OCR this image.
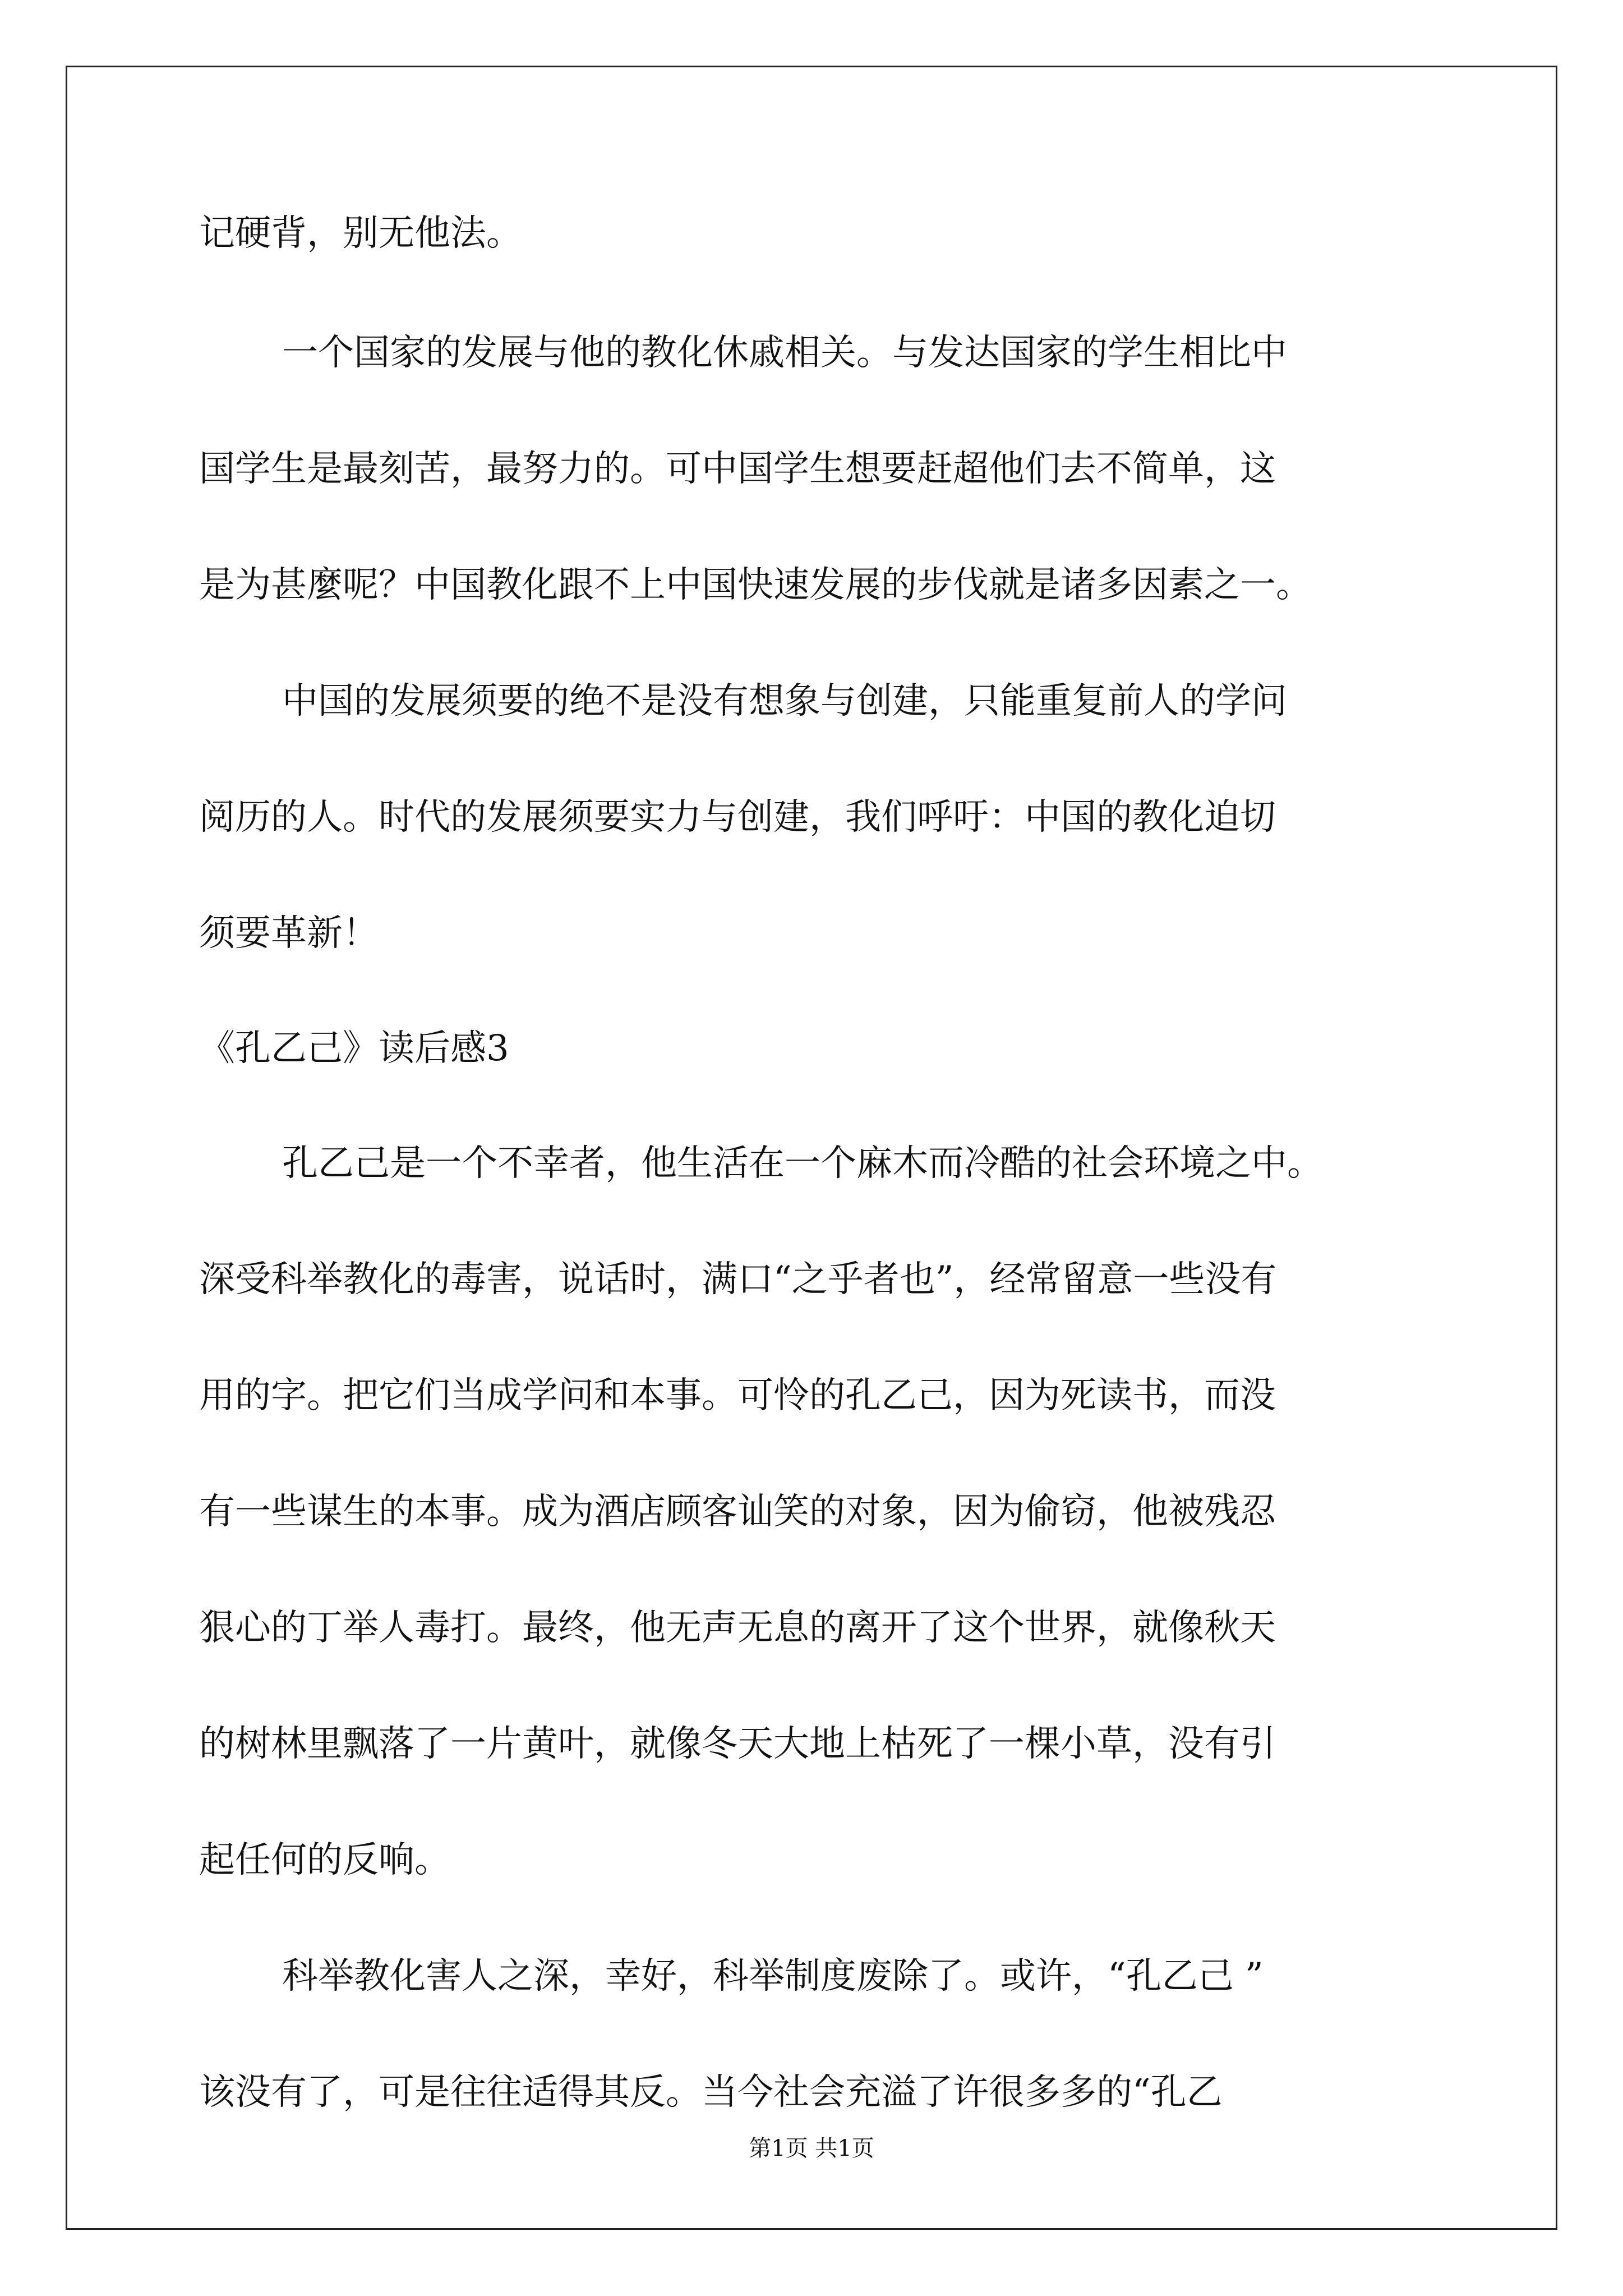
记硬背，别无他法。
一个国家的发展与他的教化休戚相关。与发达国家的学生相比中
国学生是最刻苦，最努力的。可中国学生想要赶超他们去不简单，这
是为甚麼呢？中国教化跟不上中国快速发展的步伐就是诸多因素之一。
中国的发展须要的绝不是没有想象与创建，只能重复前人的学问
阅历的人。时代的发展须要实力与创建，我们呼吁：中国的教化迫切
须要革新！
《孔乙己》读后感3
孔乙己是一个不幸者，他生活在一个麻木而冷酷的社会环境之中。
深受科举教化的毒害，说话时，满口“之乎者也”，经常留意一些没有
用的字。把它们当成学问和本事。可怜的孔乙己，因为死读书，而没
有一些谋生的本事。成为酒店顾客讪笑的对象，因为偷窃，他被残忍
狠心的丁举人毒打。最终，他无声无息的离开了这个世界，就像秋天
的树林里飘落了一片黄叶，就像冬天大地上枯死了一棵小草，没有引
起任何的反响。
科举教化害人之深，幸好，科举制度废除了。或许，“孔乙己 ”
该没有了，可是往往适得其反。当今社会充溢了许很多多的“孔乙
第1页 共1页
